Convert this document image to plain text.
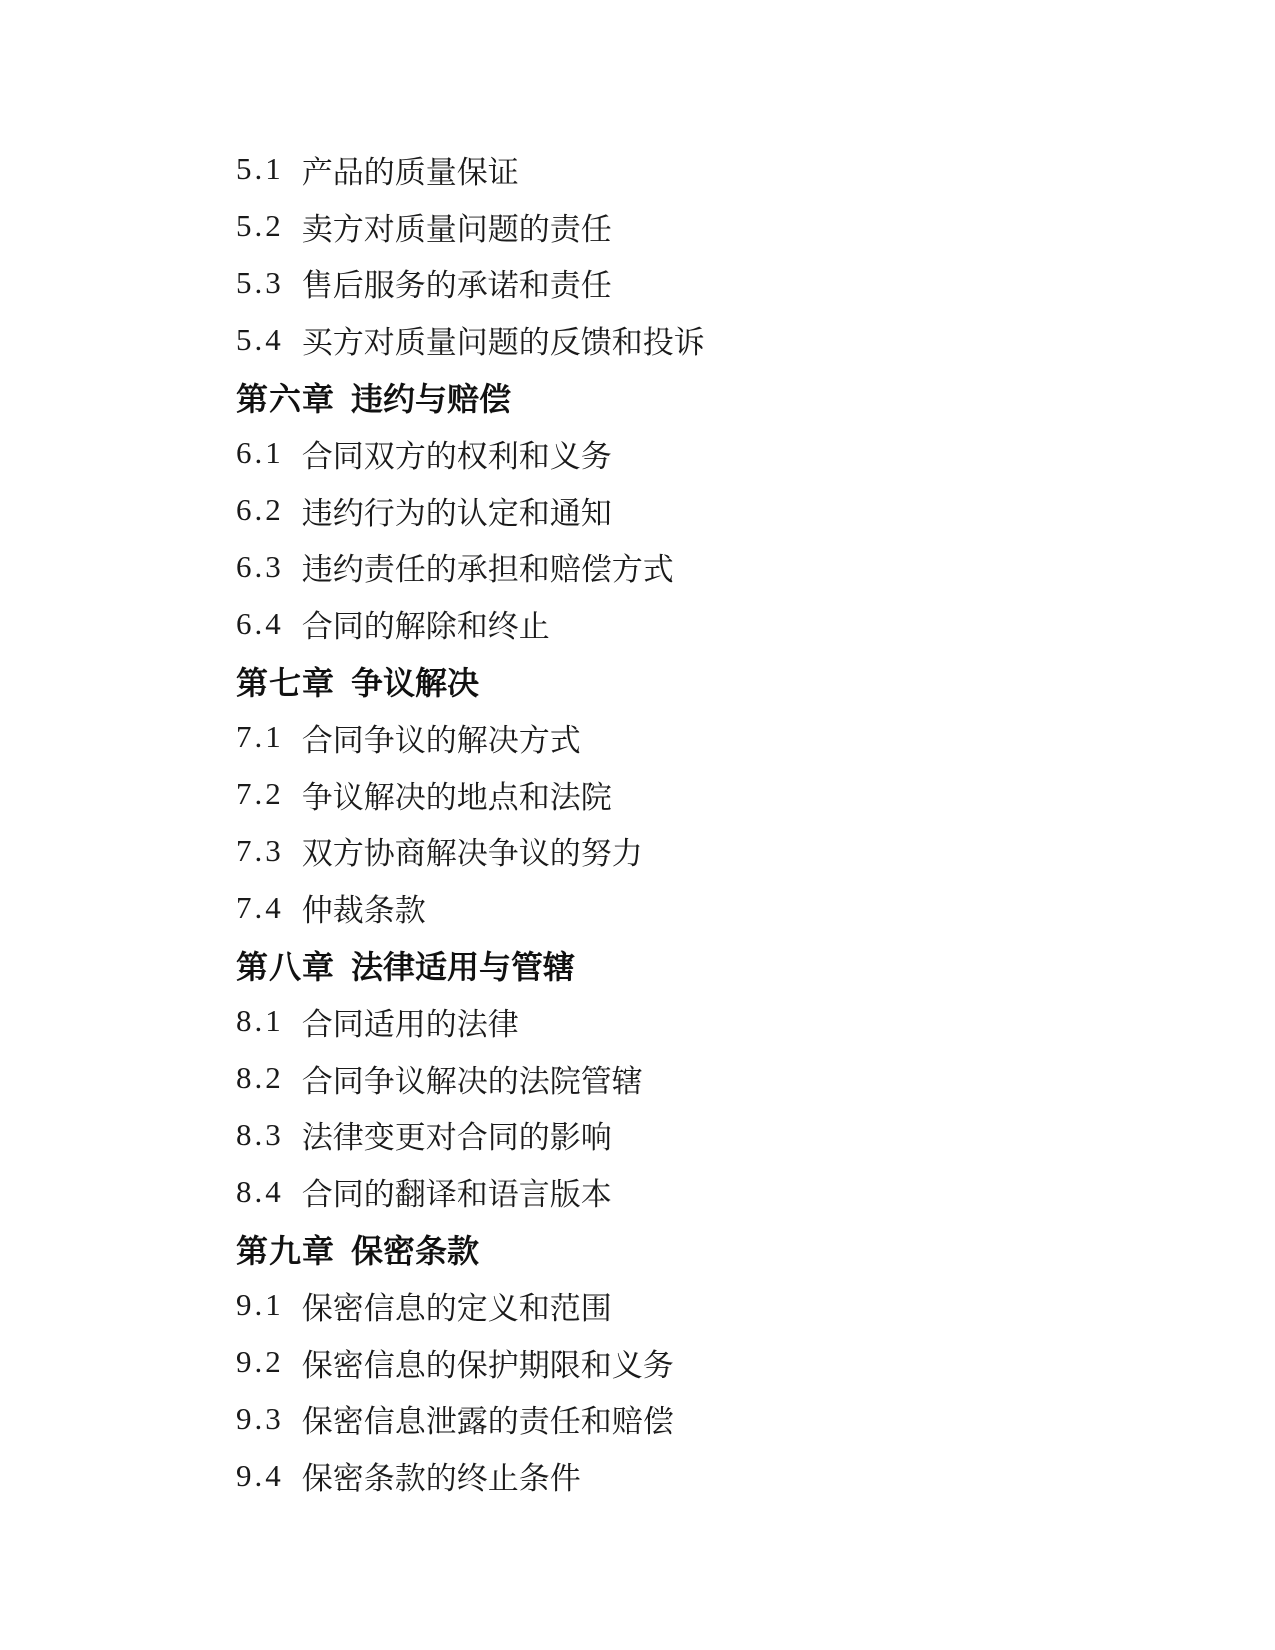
5.1 产品的质量保证
5.2 卖方对质量问题的责任
5.3 售后服务的承诺和责任
5.4 买方对质量问题的反馈和投诉
第六章 违约与赔偿
6.1 合同双方的权利和义务
6.2 违约行为的认定和通知
6.3 违约责任的承担和赔偿方式
6.4 合同的解除和终止
第七章 争议解决
7.1 合同争议的解决方式
7.2 争议解决的地点和法院
7.3 双方协商解决争议的努力
7.4 仲裁条款
第八章 法律适用与管辖
8.1 合同适用的法律
8.2 合同争议解决的法院管辖
8.3 法律变更对合同的影响
8.4 合同的翻译和语言版本
第九章 保密条款
9.1 保密信息的定义和范围
9.2 保密信息的保护期限和义务
9.3 保密信息泄露的责任和赔偿
9.4 保密条款的终止条件
